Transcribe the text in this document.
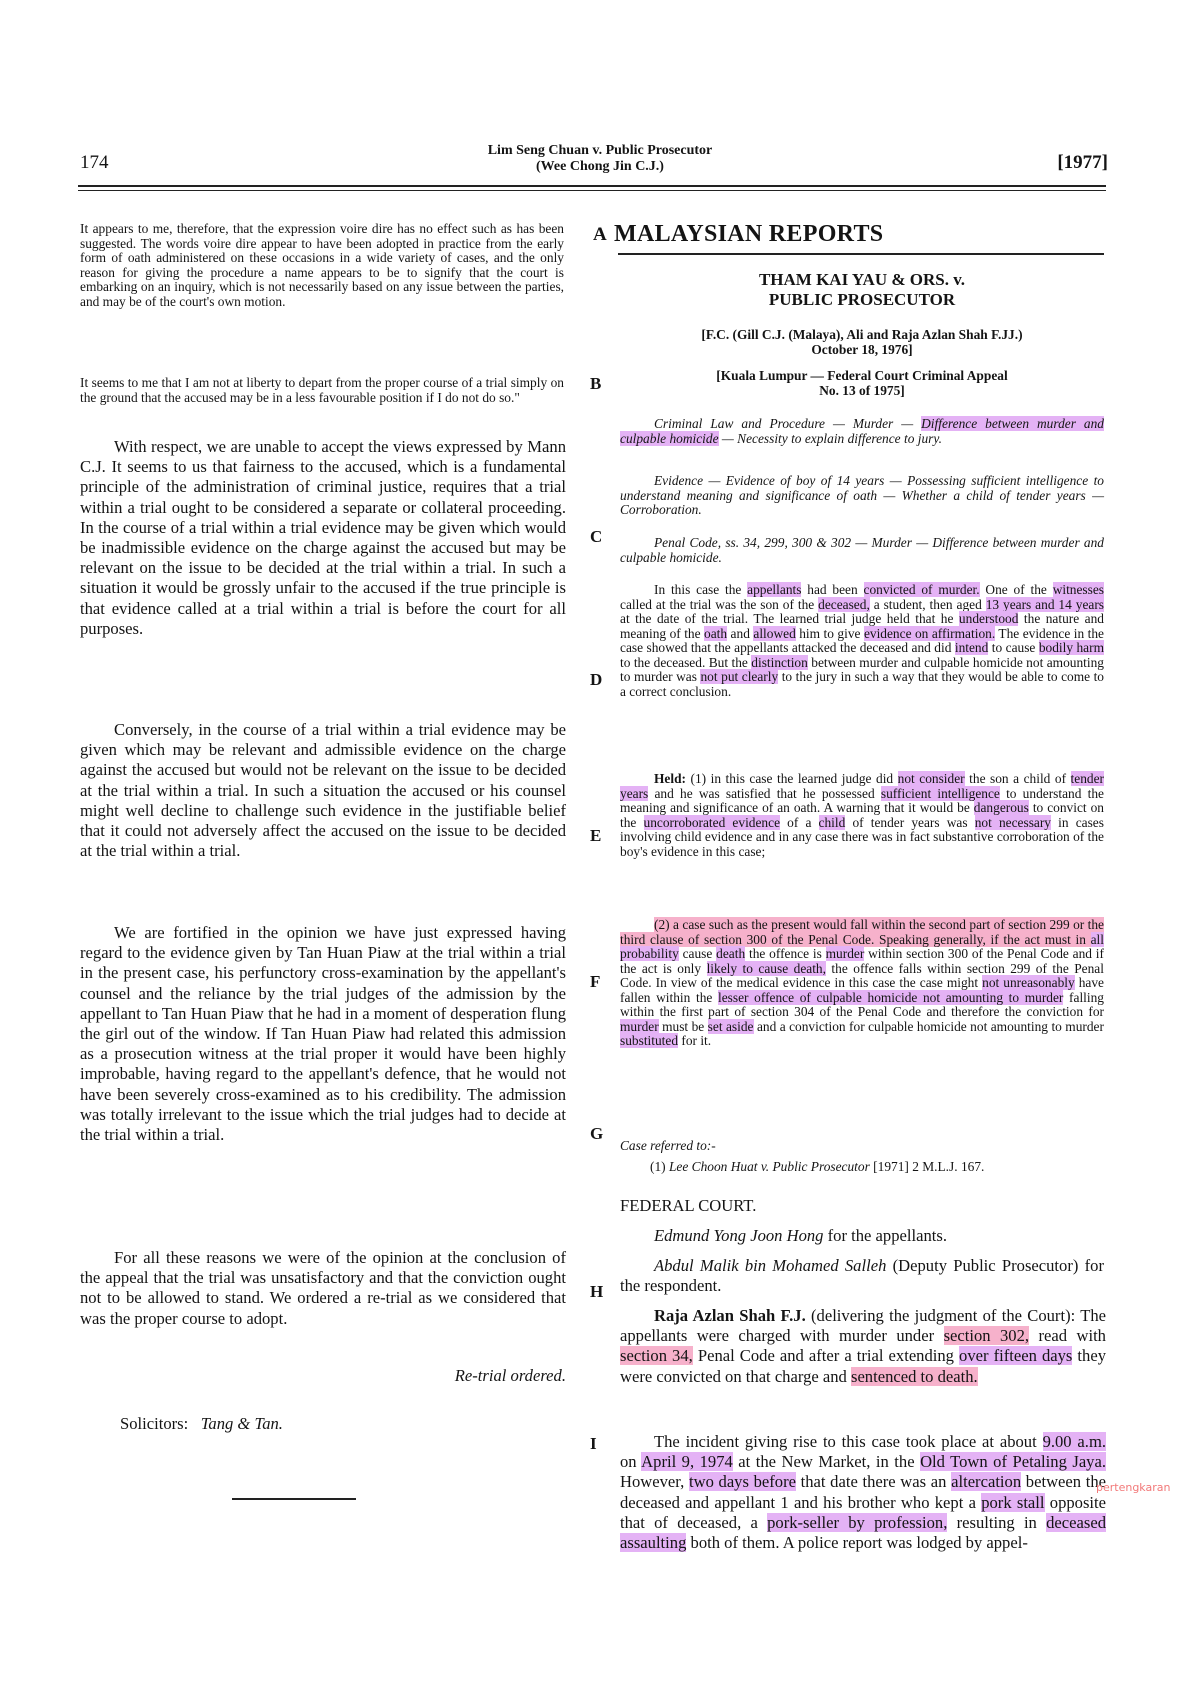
174
Lim Seng Chuan v. Public Prosecutor
(Wee Chong Jin C.J.)	[1977]
It appears to me, therefore, that the expression voire dire has no effect such as has been suggested. The words voire dire appear to have been adopted in practice from the early form of oath administered on these occasions in a wide variety of cases, and the only reason for giving the procedure a name appears to be to signify that the court is embarking on an inquiry, which is not necessarily based on any issue between the parties, and may be of the court's own motion.
It seems to me that I am not at liberty to depart from the proper course of a trial simply on the ground that the accused may be in a less favourable position if I do not do so."
With respect, we are unable to accept the views expressed by Mann C.J. It seems to us that fairness to the accused, which is a fundamental principle of the administration of criminal justice, requires that a trial within a trial ought to be considered a separate or collateral proceeding. In the course of a trial within a trial evidence may be given which would be inadmissible evidence on the charge against the accused but may be relevant on the issue to be decided at the trial within a trial. In such a situation it would be grossly unfair to the accused if the true principle is that evidence called at a trial within a trial is before the court for all purposes.
Conversely, in the course of a trial within a trial evidence may be given which may be relevant and admissible evidence on the charge against the accused but would not be relevant on the issue to be decided at the trial within a trial. In such a situation the accused or his counsel might well decline to challenge such evidence in the justifiable belief that it could not adversely affect the accused on the issue to be decided at the trial within a trial.
We are fortified in the opinion we have just expressed having regard to the evidence given by Tan Huan Piaw at the trial within a trial in the present case, his perfunctory cross-examination by the appellant's counsel and the reliance by the trial judges of the admission by the appellant to Tan Huan Piaw that he had in a moment of desperation flung the girl out of the window. If Tan Huan Piaw had related this admission as a prosecution witness at the trial proper it would have been highly improbable, having regard to the appellant's defence, that he would not have been severely cross-examined as to his credibility. The admission was totally irrelevant to the issue which the trial judges had to decide at the trial within a trial.
For all these reasons we were of the opinion at the conclusion of the appeal that the trial was unsatisfactory and that the conviction ought not to be allowed to stand. We ordered a re-trial as we considered that was the proper course to adopt.
Re-trial ordered.
Solicitors: Tang & Tan.
A
B
C
D
E
F
G
H
I
MALAYSIAN REPORTS
THAM KAI YAU & ORS. v.
PUBLIC PROSECUTOR
[F.C. (Gill C.J. (Malaya), Ali and Raja Azlan Shah F.JJ.)
October 18, 1976]
[Kuala Lumpur — Federal Court Criminal Appeal
No. 13 of 1975]
Criminal Law and Procedure — Murder — Difference between murder and culpable homicide — Necessity to explain difference to jury.
Evidence — Evidence of boy of 14 years — Possessing sufficient intelligence to understand meaning and significance of oath — Whether a child of tender years — Corroboration.
Penal Code, ss. 34, 299, 300 & 302 — Murder — Difference between murder and culpable homicide.
In this case the appellants had been convicted of murder. One of the witnesses called at the trial was the son of the deceased, a student, then aged 13 years and 14 years at the date of the trial. The learned trial judge held that he understood the nature and meaning of the oath and allowed him to give evidence on affirmation. The evidence in the case showed that the appellants attacked the deceased and did intend to cause bodily harm to the deceased. But the distinction between murder and culpable homicide not amounting to murder was not put clearly to the jury in such a way that they would be able to come to a correct conclusion.
Held: (1) in this case the learned judge did not consider the son a child of tender years and he was satisfied that he possessed sufficient intelligence to understand the meaning and significance of an oath. A warning that it would be dangerous to convict on the uncorroborated evidence of a child of tender years was not necessary in cases involving child evidence and in any case there was in fact substantive corroboration of the boy's evidence in this case;
(2) a case such as the present would fall within the second part of section 299 or the third clause of section 300 of the Penal Code. Speaking generally, if the act must in all probability cause death the offence is murder within section 300 of the Penal Code and if the act is only likely to cause death, the offence falls within section 299 of the Penal Code. In view of the medical evidence in this case the case might not unreasonably have fallen within the lesser offence of culpable homicide not amounting to murder falling within the first part of section 304 of the Penal Code and therefore the conviction for murder must be set aside and a conviction for culpable homicide not amounting to murder substituted for it.
Case referred to:-
(1) Lee Choon Huat v. Public Prosecutor [1971] 2 M.L.J. 167.
FEDERAL COURT.
Edmund Yong Joon Hong for the appellants.
Abdul Malik bin Mohamed Salleh (Deputy Public Prosecutor) for the respondent.
Raja Azlan Shah F.J. (delivering the judgment of the Court): The appellants were charged with murder under section 302, read with section 34, Penal Code and after a trial extending over fifteen days they were convicted on that charge and sentenced to death.
The incident giving rise to this case took place at about 9.00 a.m. on April 9, 1974 at the New Market, in the Old Town of Petaling Jaya. However, two days before that date there was an altercation between the deceased and appellant 1 and his brother who kept a pork stall opposite that of deceased, a pork-seller by profession, resulting in deceased assaulting both of them. A police report was lodged by appel-
pertengkaran
